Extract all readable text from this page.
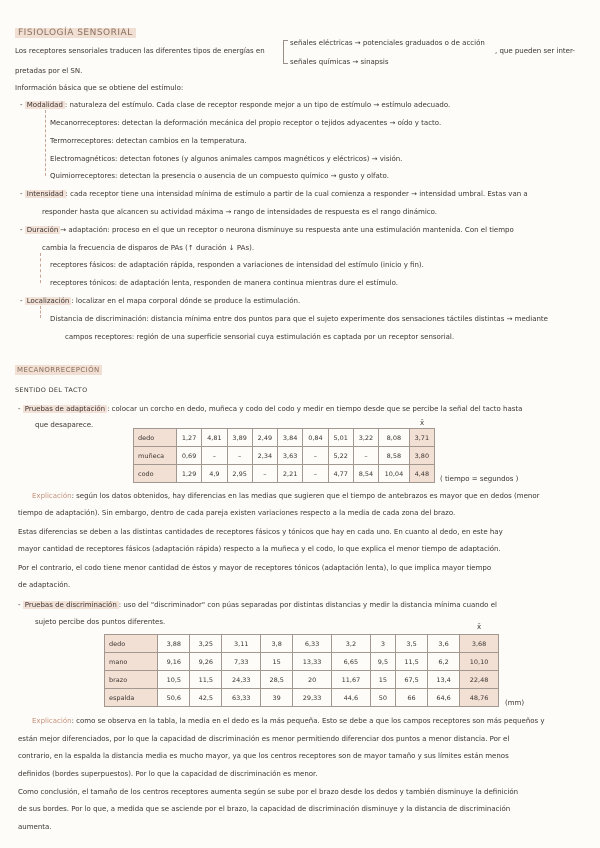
FISIOLOGÍA SENSORIAL
Los receptores sensoriales traducen las diferentes tipos de energías en
señales eléctricas → potenciales graduados o de acción
señales químicas → sinapsis
, que pueden ser inter-
pretadas por el SN.
Información básica que se obtiene del estímulo:
- Modalidad : naturaleza del estímulo. Cada clase de receptor responde mejor a un tipo de estímulo → estímulo adecuado.
Mecanorreceptores: detectan la deformación mecánica del propio receptor o tejidos adyacentes → oído y tacto.
Termorreceptores: detectan cambios en la temperatura.
Electromagnéticos: detectan fotones (y algunos animales campos magnéticos y eléctricos) → visión.
Quimiorreceptores: detectan la presencia o ausencia de un compuesto químico → gusto y olfato.
- Intensidad : cada receptor tiene una intensidad mínima de estímulo a partir de la cual comienza a responder → intensidad umbral. Estas van a
responder hasta que alcancen su actividad máxima → rango de intensidades de respuesta es el rango dinámico.
- Duración → adaptación: proceso en el que un receptor o neurona disminuye su respuesta ante una estimulación mantenida. Con el tiempo
cambia la frecuencia de disparos de PAs (↑ duración ↓ PAs).
receptores fásicos: de adaptación rápida, responden a variaciones de intensidad del estímulo (inicio y fin).
receptores tónicos: de adaptación lenta, responden de manera continua mientras dure el estímulo.
- Localización : localizar en el mapa corporal dónde se produce la estimulación.
Distancia de discriminación: distancia mínima entre dos puntos para que el sujeto experimente dos sensaciones táctiles distintas → mediante
campos receptores: región de una superficie sensorial cuya estimulación es captada por un receptor sensorial.
MECANORRECEPCIÓN
SENTIDO DEL TACTO
- Pruebas de adaptación : colocar un corcho en dedo, muñeca y codo del codo y medir en tiempo desde que se percibe la señal del tacto hasta
que desaparece.	x̄
dedo	1,27	4,81	3,89	2,49	3,84	0,84	5,01	3,22	8,08	3,71
muñeca	0,69	–	–	2,34	3,63	–	5,22	–	8,58	3,80
codo	1,29	4,9	2,95	–	2,21	–	4,77	8,54	10,04	4,48
( tiempo = segundos )
Explicación: según los datos obtenidos, hay diferencias en las medias que sugieren que el tiempo de antebrazos es mayor que en dedos (menor
tiempo de adaptación). Sin embargo, dentro de cada pareja existen variaciones respecto a la media de cada zona del brazo.
Estas diferencias se deben a las distintas cantidades de receptores fásicos y tónicos que hay en cada uno. En cuanto al dedo, en este hay
mayor cantidad de receptores fásicos (adaptación rápida) respecto a la muñeca y el codo, lo que explica el menor tiempo de adaptación.
Por el contrario, el codo tiene menor cantidad de éstos y mayor de receptores tónicos (adaptación lenta), lo que implica mayor tiempo
de adaptación.
- Pruebas de discriminación : uso del "discriminador" con púas separadas por distintas distancias y medir la distancia mínima cuando el
sujeto percibe dos puntos diferentes.
x̄
dedo	3,88	3,25	3,11	3,8	6,33	3,2	3	3,5	3,6	3,68
mano	9,16	9,26	7,33	15	13,33	6,65	9,5	11,5	6,2	10,10
brazo	10,5	11,5	24,33	28,5	20	11,67	15	67,5	13,4	22,48
espalda	50,6	42,5	63,33	39	29,33	44,6	50	66	64,6	48,76
(mm)
Explicación: como se observa en la tabla, la media en el dedo es la más pequeña. Esto se debe a que los campos receptores son más pequeños y
están mejor diferenciados, por lo que la capacidad de discriminación es menor permitiendo diferenciar dos puntos a menor distancia. Por el
contrario, en la espalda la distancia media es mucho mayor, ya que los centros receptores son de mayor tamaño y sus límites están menos
definidos (bordes superpuestos). Por lo que la capacidad de discriminación es menor.
Como conclusión, el tamaño de los centros receptores aumenta según se sube por el brazo desde los dedos y también disminuye la definición
de sus bordes. Por lo que, a medida que se asciende por el brazo, la capacidad de discriminación disminuye y la distancia de discriminación
aumenta.
